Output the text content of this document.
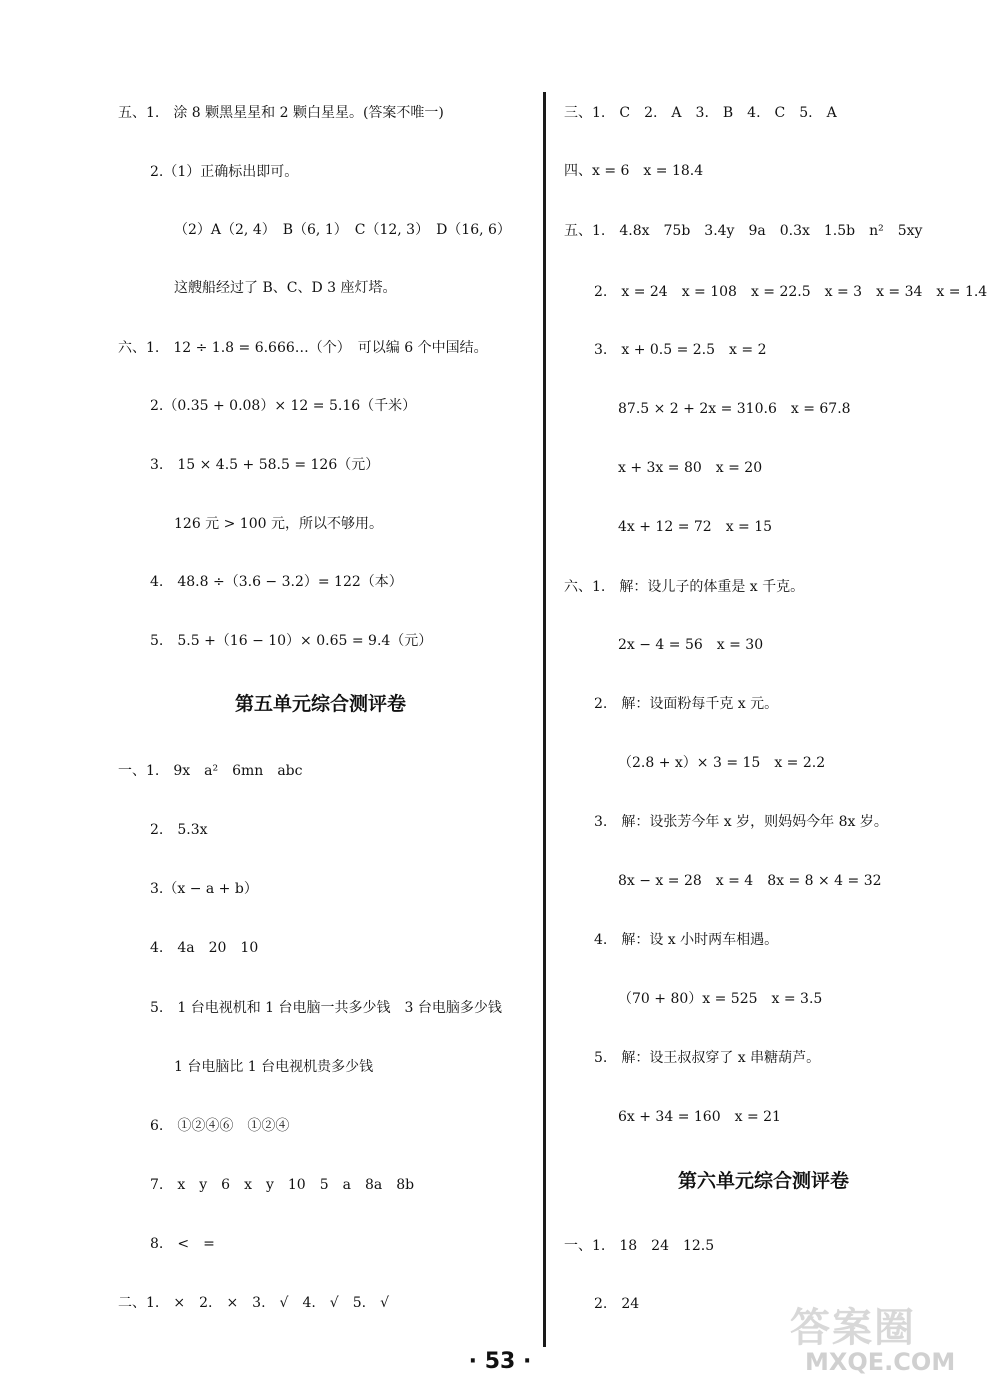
五、1.　涂 8 颗黑星星和 2 颗白星星。(答案不唯一)
2.（1）正确标出即可。
（2）A（2, 4）　B（6, 1）　C（12, 3）　D（16, 6）
这艘船经过了 B、C、D 3 座灯塔。
六、1.　12 ÷ 1.8 = 6.666…（个）　可以编 6 个中国结。
2.（0.35 + 0.08）× 12 = 5.16（千米）
3.　15 × 4.5 + 58.5 = 126（元）
126 元 > 100 元，所以不够用。
4.　48.8 ÷（3.6 − 3.2）= 122（本）
5.　5.5 +（16 − 10）× 0.65 = 9.4（元）
第五单元综合测评卷
一、1.　9x　a²　6mn　abc
2.　5.3x
3.（x − a + b）
4.　4a　20　10
5.　1 台电视机和 1 台电脑一共多少钱　3 台电脑多少钱
1 台电脑比 1 台电视机贵多少钱
6.　①②④⑥　①②④
7.　x　y　6　x　y　10　5　a　8a　8b
8.　<　=
二、1.　×　2.　×　3.　√　4.　√　5.　√
三、1.　C　2.　A　3.　B　4.　C　5.　A
四、x = 6　x = 18.4
五、1.　4.8x　75b　3.4y　9a　0.3x　1.5b　n²　5xy
2.　x = 24　x = 108　x = 22.5　x = 3　x = 34　x = 1.4
3.　x + 0.5 = 2.5　x = 2
87.5 × 2 + 2x = 310.6　x = 67.8
x + 3x = 80　x = 20
4x + 12 = 72　x = 15
六、1.　解：设儿子的体重是 x 千克。
2x − 4 = 56　x = 30
2.　解：设面粉每千克 x 元。
（2.8 + x）× 3 = 15　x = 2.2
3.　解：设张芳今年 x 岁，则妈妈今年 8x 岁。
8x − x = 28　x = 4　8x = 8 × 4 = 32
4.　解：设 x 小时两车相遇。
（70 + 80）x = 525　x = 3.5
5.　解：设王叔叔穿了 x 串糖葫芦。
6x + 34 = 160　x = 21
第六单元综合测评卷
一、1.　18　24　12.5
2.　24
· 53 ·
答案圈
MXQE.COM
